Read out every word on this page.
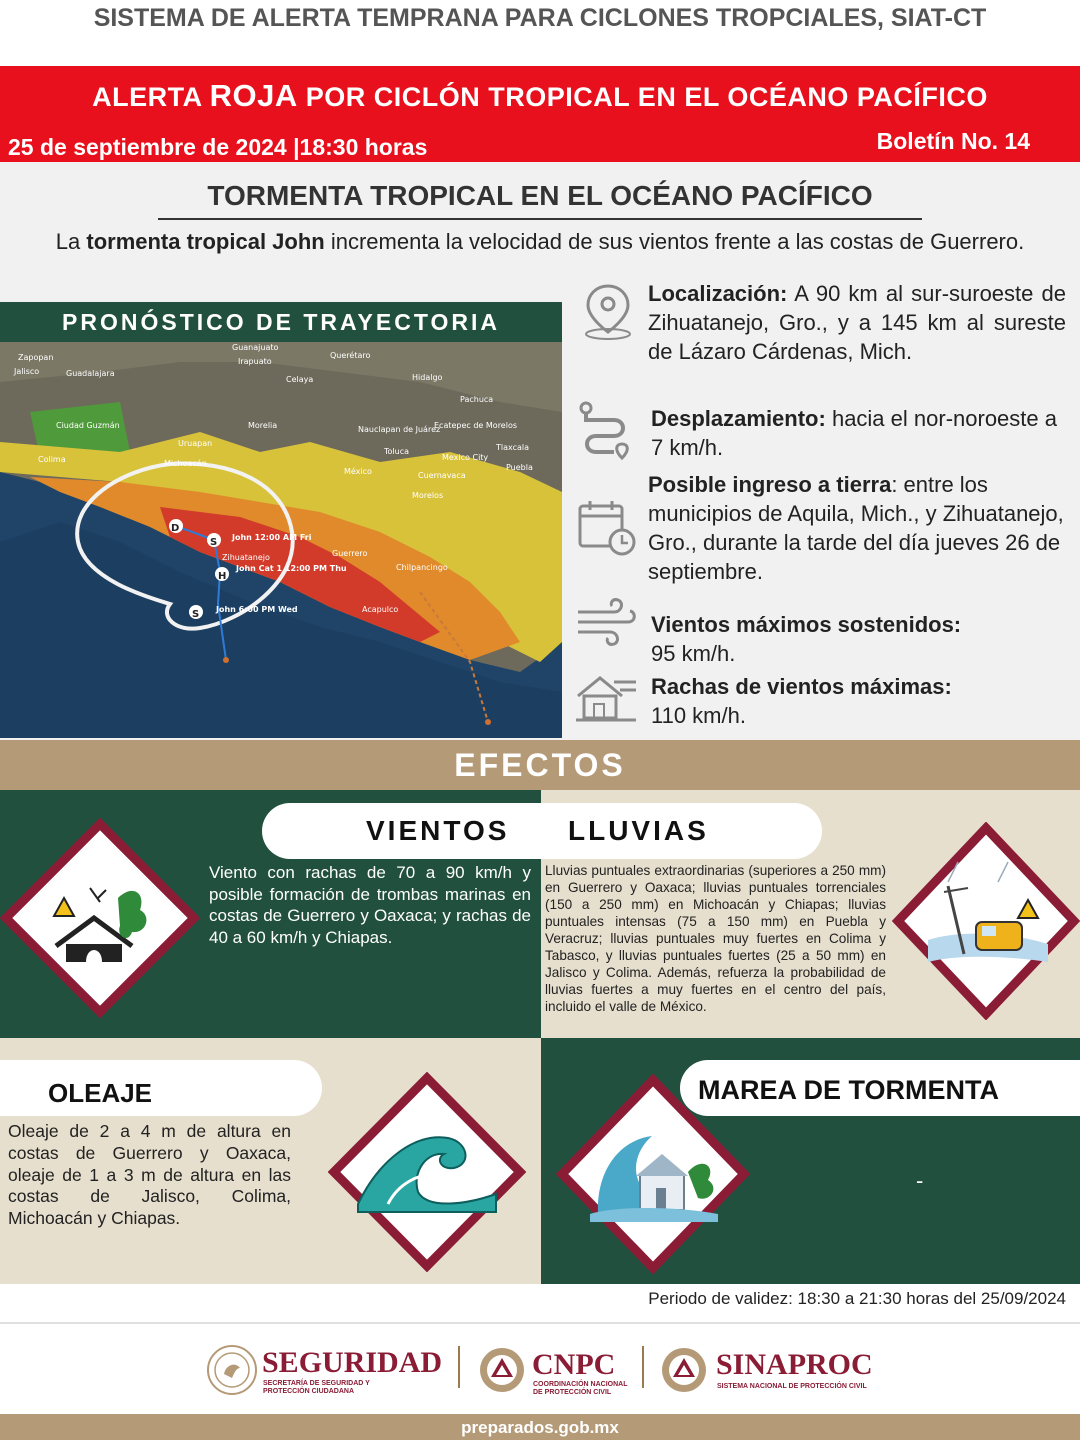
SISTEMA DE ALERTA TEMPRANA PARA CICLONES TROPCIALES, SIAT-CT
ALERTA ROJA POR CICLÓN TROPICAL EN EL OCÉANO PACÍFICO
25 de septiembre de 2024 |18:30 horas	Boletín No. 14
TORMENTA TROPICAL EN EL OCÉANO PACÍFICO
La tormenta tropical John incrementa la velocidad de sus vientos frente a las costas de Guerrero.
PRONÓSTICO DE TRAYECTORIA
D
S
H
S
Zapopan
Jalisco	Guadalajara
Guanajuato
Irapuato
Querétaro
Celaya	Hidalgo
Pachuca
Ciudad Guzmán	Morelia
Colima
Uruapan
Michoacán
Nauclapan de Juárez
Ecatepec de Morelos
Tlaxcala
Toluca
Mexico City
México	Cuernavaca
Puebla
Morelos
Guerrero
Zihuatanejo
Chilpancingo
Acapulco
John 12:00 AM Fri
John Cat 1 12:00 PM Thu
John 6:00 PM Wed
Localización: A 90 km al sur-suroeste de Zihuatanejo, Gro., y a 145 km al sureste de Lázaro Cárdenas, Mich.
Desplazamiento: hacia el nor-noroeste a 7 km/h.
Posible ingreso a tierra: entre los municipios de Aquila, Mich., y Zihuatanejo, Gro., durante la tarde del día jueves 26 de septiembre.
Vientos máximos sostenidos:
95 km/h.
Rachas de vientos máximas:
110 km/h.
EFECTOS
VIENTOS LLUVIAS
Viento con rachas de 70 a 90 km/h y posible formación de trombas marinas en costas de Guerrero y Oaxaca; y rachas de 40 a 60 km/h y Chiapas.
Lluvias puntuales extraordinarias (superiores a 250 mm) en Guerrero y Oaxaca; lluvias puntuales torrenciales (150 a 250 mm) en Michoacán y Chiapas; lluvias puntuales intensas (75 a 150 mm) en Puebla y Veracruz; lluvias puntuales muy fuertes en Colima y Tabasco, y lluvias puntuales fuertes (25 a 50 mm) en Jalisco y Colima. Además, refuerza la probabilidad de lluvias fuertes a muy fuertes en el centro del país, incluido el valle de México.
OLEAJE
Oleaje de 2 a 4 m de altura en costas de Guerrero y Oaxaca, oleaje de 1 a 3 m de altura en las costas de Jalisco, Colima, Michoacán y Chiapas.
MAREA DE TORMENTA
-
Periodo de validez: 18:30 a 21:30 horas del 25/09/2024
SEGURIDAD
SECRETARÍA DE SEGURIDAD Y PROTECCIÓN CIUDADANA
CNPC
COORDINACIÓN NACIONAL DE PROTECCIÓN CIVIL
SINAPROC
SISTEMA NACIONAL DE PROTECCIÓN CIVIL
preparados.gob.mx
